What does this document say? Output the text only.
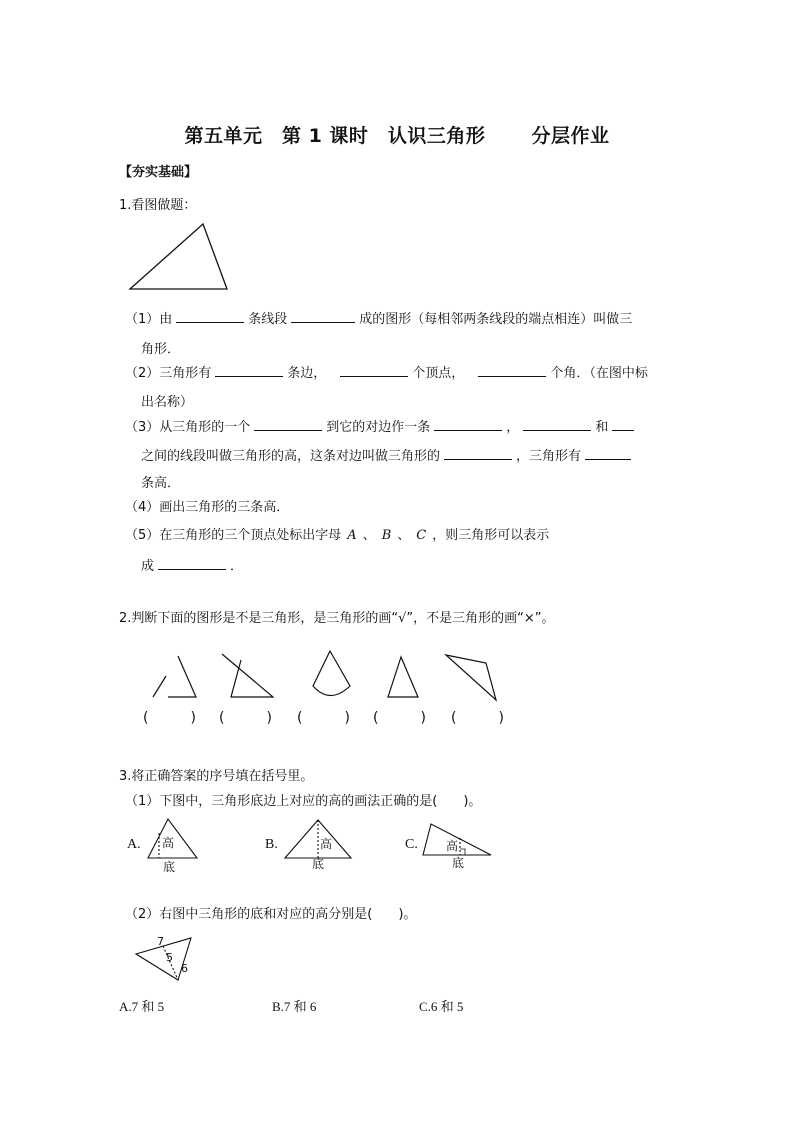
第五单元　第 1 课时　认识三角形　　 分层作业
【夯实基础】
1.看图做题：
（1）由	条线段	成的图形（每相邻两条线段的端点相连）叫做三
角形．
（2）三角形有	条边，	个顶点，	个角．（在图中标
出名称）
（3）从三角形的一个	到它的对边作一条	，	和
之间的线段叫做三角形的高，这条对边叫做三角形的	，三角形有
条高．
（4）画出三角形的三条高．
（5）在三角形的三个顶点处标出字母 A 、 B 、 C ，则三角形可以表示
成	．
2.判断下面的图形是不是三角形，是三角形的画“√”，不是三角形的画“×”。
(　　　) (　　　) (　　　) (　　　) (　　　)
3.将正确答案的序号填在括号里。
（1）下图中，三角形底边上对应的高的画法正确的是(　　)。
A.	B.	C.
高
底
高
底
高
底
（2）右图中三角形的底和对应的高分别是(　　)。
7
5
6
A.7 和 5	B.7 和 6	C.6 和 5
